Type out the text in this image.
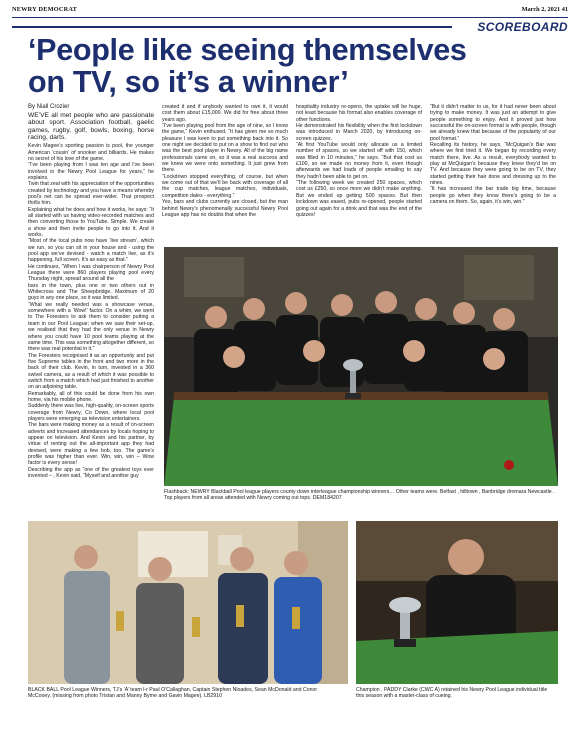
NEWRY DEMOCRAT	March 2, 2021 41
SCOREBOARD
‘People like seeing themselves
on TV, so it’s a winner’
By Niall Crozier

WE’VE all met people who are passionate about sport. Association football, gaelic games, rugby, golf, bowls, boxing, horse racing, darts.

Kevin Magee’s sporting passion is pool, the younger American ‘cousin’ of snooker and billiards. He makes no secret of his love of the game.

“I’ve been playing from I was ten age and I’ve been involved in the Newry Pool League for years,” he explains.

Twin that zeal with his appreciation of the opportunities created by technology and you have a means whereby pool’s net can be spread ever-wider. That prospect thrills him.

Explaining what he does and how it works, he says: “It all started with us having video-recorded matches and then converting those to YouTube. Simple. We create a show and then invite people to go into it. And it works.

“Most of the local pubs now have ‘live stream’, which we run, so you can sit in your house and - using the pool app we’ve devised - watch a match live, as it’s happening, full screen. It’s as easy as that.”

He continues, “When I was chairperson of Newry Pool League there were 860 players playing pool every Thursday night, spread around all the

bars in the town, plus one or two others out in Whitecross and The Sheepbridge. Maximum of 20 guys in any one place, so it was limited.

“What we really needed was a showcase venue, somewhere with a ‘Wow!’ factor. On a whim, we went to The Foresters to ask them to consider putting a team in our Pool League; when we saw their set-up, we realised that they had the only venue in Newry where you could have 10 pool teams playing at the same time. This was something altogether different, so there was real potential in it.”

The Foresters recognised it as an opportunity and put five Supreme tables in the front and two more in the back of their club. Kevin, in turn, invested in a 360 swivel camera, as a result of which it was possible to switch from a match which had just finished to another on an adjoining table.

Remarkably, all of this could be done from his own home, via his mobile phone.

Suddenly there was live, high-quality, on-screen sports coverage from Newry, Co Down, where local pool players were emerging as television entertainers.

The bars were making money as a result of on-screen adverts and increased attendances by locals hoping to appear on television. And Kevin and his partner, by virtue of renting out the all-important app they had devised, were making a few bob, too. The game’s profile was higher than ever. Win, win, win – Wow factor is every sense!

Describing the app as “one of the greatest toys ever invented – , Kevin said, “Myself and another guy

created it and if anybody wanted to own it, it would cost them about £15,000. We did for free about three years ago.

“I’ve been playing pool from the age of nine, so I know the game,” Kevin enthused. “It has given me so much pleasure I was keen to put something back into it. So one night we decided to put on a show to find out who was the best pool player in Newry. All of the big name professionals came on, so it was a real success and we knew we were onto something. It just grew from there.

“Lockdown stopped everything, of course, but when we come out of that we’ll be back with coverage of all the cup matches, league matches, individuals, competition dates - everything.”

Yes, bars and clubs currently are closed, but the man behind Newry’s phenomenally successful Newry Pool League app has no doubts that when the

hospitality industry re-opens, the uptake will be huge, not least because his format also enables coverage of other functions.

He demonstrated his flexibility when the first lockdown was introduced in March 2020, by introducing on-screen quizzes.

“At first YouTube would only allocate us a limited number of spaces, so we started off with 150, which was filled in 10 minutes,” he says. “But that cost us £100, so we made no money from it, even though afterwards we had loads of people emailing to say they hadn’t been able to get on.

“The following week we created 250 spaces, which cost us £250, so once more we didn’t make anything. But we ended up getting 500 spaces. But then lockdown was eased, pubs re-opened, people started going out again for a drink and that was the end of the quizzes!

“But it didn’t matter to us, for it had never been about trying to make money. It was just an attempt to give people something to enjoy. And it proved just how successful the on-screen format is with people, though we already knew that because of the popularity of our pool format.”

Recalling its history, he says, “McQuigan’s Bar was where we first tried it. We began by recording every match there, live. As a result, everybody wanted to play at McQuigan’s because they knew they’d be on TV. And because they were going to be on TV, they started getting their hair done and dressing up to the nines.

“It has increased the bar trade big time, because people go when they know there’s going to be a camera on them. So, again, it’s win, win.”

Flashback: NEWRY Blackball Pool league players county down interleague championship winners… Other teams were. Belfast , hilltown , Banbridge dromara Newcastle . Top players from all areas attended with Newry coming out tops. DEM184207
BLACK BALL Pool League Winners, TJ’s ‘A’ team l-r Paul O’Callaghan, Captain Stephen Nloades, Sean McDonald and Conor McCooey. (missing from photo Tristan and Manny Byrne and Gavin Magee). LB2910
Champion . PADDY Clarke (CWC A) retained his Newry Pool League individual title this season with a master-class of cueing.
